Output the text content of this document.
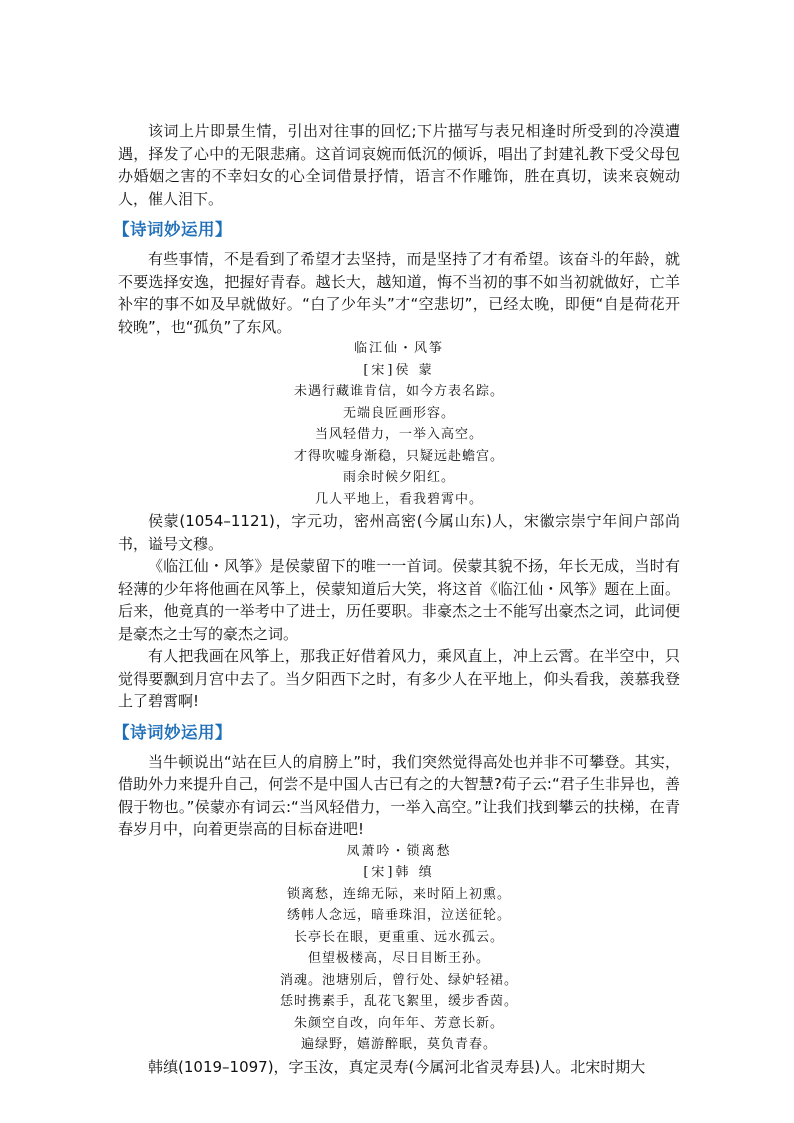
该词上片即景生情，引出对往事的回忆;下片描写与表兄相逢时所受到的冷漠遭遇，择发了心中的无限悲痛。这首词哀婉而低沉的倾诉，唱出了封建礼教下受父母包办婚姻之害的不幸妇女的心全词借景抒情，语言不作雕饰，胜在真切，读来哀婉动人，催人泪下。

【诗词妙运用】

有些事情，不是看到了希望才去坚持，而是坚持了才有希望。该奋斗的年龄，就不要选择安逸，把握好青春。越长大，越知道，悔不当初的事不如当初就做好，亡羊补牢的事不如及早就做好。“白了少年头”才“空悲切”，已经太晚，即便“自是荷花开较晚”，也“孤负”了东风。

临江仙・风筝

[宋]侯 蒙

未遇行藏谁肯信，如今方表名踪。

无端良匠画形容。

当风轻借力，一举入高空。

才得吹嘘身渐稳，只疑远赴蟾宫。

雨余时候夕阳红。

几人平地上，看我碧霄中。

侯蒙(1054–1121)，字元功，密州高密(今属山东)人，宋徽宗崇宁年间户部尚书，谥号文穆。

《临江仙・风筝》是侯蒙留下的唯一一首词。侯蒙其貌不扬，年长无成，当时有轻薄的少年将他画在风筝上，侯蒙知道后大笑，将这首《临江仙・风筝》题在上面。后来，他竟真的一举考中了进士，历任要职。非豪杰之士不能写出豪杰之词，此词便是豪杰之士写的豪杰之词。

有人把我画在风筝上，那我正好借着风力，乘风直上，冲上云霄。在半空中，只觉得要飘到月宫中去了。当夕阳西下之时，有多少人在平地上，仰头看我，羡慕我登上了碧霄啊!

【诗词妙运用】

当牛顿说出“站在巨人的肩膀上”时，我们突然觉得高处也并非不可攀登。其实，借助外力来提升自己，何尝不是中国人古已有之的大智慧?荀子云:“君子生非异也，善假于物也。”侯蒙亦有词云:“当风轻借力，一举入高空。”让我们找到攀云的扶梯，在青春岁月中，向着更崇高的目标奋进吧!

凤萧吟・锁离愁

[宋]韩 缜

锁离愁，连绵无际，来时陌上初熏。

绣帏人念远，暗垂珠泪，泣送征轮。

长亭长在眼，更重重、远水孤云。

但望极楼高，尽日目断王孙。

消魂。池塘别后，曾行处、绿妒轻裙。

恁时携素手，乱花飞絮里，缓步香茵。

朱颜空自改，向年年、芳意长新。

遍绿野，嬉游醉眠，莫负青春。

韩缜(1019–1097)，字玉汝，真定灵寿(今属河北省灵寿县)人。北宋时期大
